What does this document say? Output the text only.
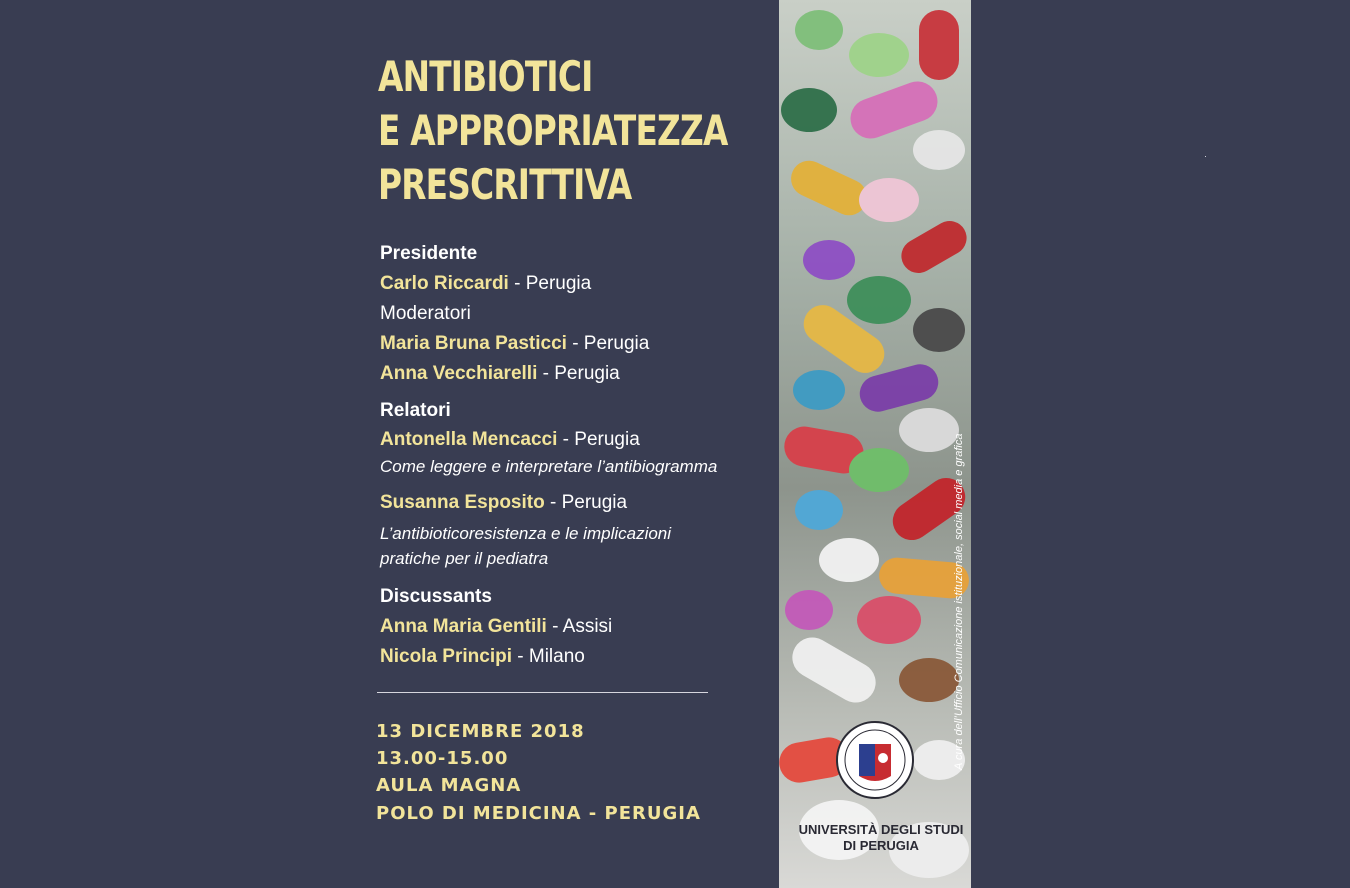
ANTIBIOTICI
E APPROPRIATEZZA
PRESCRITTIVA
Presidente
Carlo Riccardi - Perugia
Moderatori
Maria Bruna Pasticci - Perugia
Anna Vecchiarelli - Perugia
Relatori
Antonella Mencacci - Perugia
Come leggere e interpretare l’antibiogramma
Susanna Esposito - Perugia
L’antibioticoresistenza e le implicazioni
pratiche per il pediatra
Discussants
Anna Maria Gentili - Assisi
Nicola Principi - Milano
13 DICEMBRE 2018
13.00-15.00
AULA MAGNA
POLO DI MEDICINA - PERUGIA
A cura dell’Ufficio Comunicazione istituzionale, social media e grafica
UNIVERSITÀ DEGLI STUDI
DI PERUGIA
